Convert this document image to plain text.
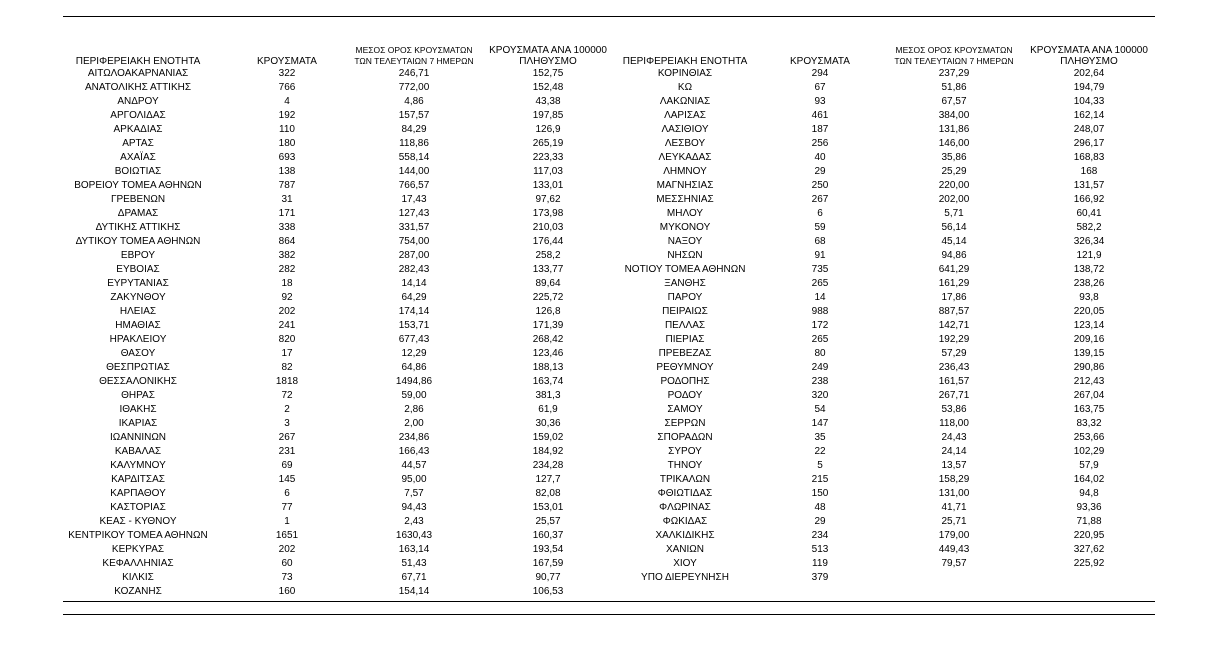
ΠΕΡΙΦΕΡΕΙΑΚΗ ΕΝΟΤΗΤΑ
ΑΙΤΩΛΟΑΚΑΡΝΑΝΙΑΣ
ΑΝΑΤΟΛΙΚΗΣ ΑΤΤΙΚΗΣ
ΑΝΔΡΟΥ
ΑΡΓΟΛΙΔΑΣ
ΑΡΚΑΔΙΑΣ
ΑΡΤΑΣ
ΑΧΑΪΑΣ
ΒΟΙΩΤΙΑΣ
ΒΟΡΕΙΟΥ ΤΟΜΕΑ ΑΘΗΝΩΝ
ΓΡΕΒΕΝΩΝ
ΔΡΑΜΑΣ
ΔΥΤΙΚΗΣ ΑΤΤΙΚΗΣ
ΔΥΤΙΚΟΥ ΤΟΜΕΑ ΑΘΗΝΩΝ
ΕΒΡΟΥ
ΕΥΒΟΙΑΣ
ΕΥΡΥΤΑΝΙΑΣ
ΖΑΚΥΝΘΟΥ
ΗΛΕΙΑΣ
ΗΜΑΘΙΑΣ
ΗΡΑΚΛΕΙΟΥ
ΘΑΣΟΥ
ΘΕΣΠΡΩΤΙΑΣ
ΘΕΣΣΑΛΟΝΙΚΗΣ
ΘΗΡΑΣ
ΙΘΑΚΗΣ
ΙΚΑΡΙΑΣ
ΙΩΑΝΝΙΝΩΝ
ΚΑΒΑΛΑΣ
ΚΑΛΥΜΝΟΥ
ΚΑΡΔΙΤΣΑΣ
ΚΑΡΠΑΘΟΥ
ΚΑΣΤΟΡΙΑΣ
ΚΕΑΣ - ΚΥΘΝΟΥ
ΚΕΝΤΡΙΚΟΥ ΤΟΜΕΑ ΑΘΗΝΩΝ
ΚΕΡΚΥΡΑΣ
ΚΕΦΑΛΛΗΝΙΑΣ
ΚΙΛΚΙΣ
ΚΟΖΑΝΗΣ
ΚΡΟΥΣΜΑΤΑ
322
766
4
192
110
180
693
138
787
31
171
338
864
382
282
18
92
202
241
820
17
82
1818
72
2
3
267
231
69
145
6
77
1
1651
202
60
73
160
ΜΕΣΟΣ ΟΡΟΣ ΚΡΟΥΣΜΑΤΩΝ
ΤΩΝ ΤΕΛΕΥΤΑΙΩΝ 7 ΗΜΕΡΩΝ
246,71
772,00
4,86
157,57
84,29
118,86
558,14
144,00
766,57
17,43
127,43
331,57
754,00
287,00
282,43
14,14
64,29
174,14
153,71
677,43
12,29
64,86
1494,86
59,00
2,86
2,00
234,86
166,43
44,57
95,00
7,57
94,43
2,43
1630,43
163,14
51,43
67,71
154,14
ΚΡΟΥΣΜΑΤΑ ΑΝΑ 100000
ΠΛΗΘΥΣΜΟ
152,75
152,48
43,38
197,85
126,9
265,19
223,33
117,03
133,01
97,62
173,98
210,03
176,44
258,2
133,77
89,64
225,72
126,8
171,39
268,42
123,46
188,13
163,74
381,3
61,9
30,36
159,02
184,92
234,28
127,7
82,08
153,01
25,57
160,37
193,54
167,59
90,77
106,53
ΠΕΡΙΦΕΡΕΙΑΚΗ ΕΝΟΤΗΤΑ
ΚΟΡΙΝΘΙΑΣ
ΚΩ
ΛΑΚΩΝΙΑΣ
ΛΑΡΙΣΑΣ
ΛΑΣΙΘΙΟΥ
ΛΕΣΒΟΥ
ΛΕΥΚΑΔΑΣ
ΛΗΜΝΟΥ
ΜΑΓΝΗΣΙΑΣ
ΜΕΣΣΗΝΙΑΣ
ΜΗΛΟΥ
ΜΥΚΟΝΟΥ
ΝΑΞΟΥ
ΝΗΣΩΝ
ΝΟΤΙΟΥ ΤΟΜΕΑ ΑΘΗΝΩΝ
ΞΑΝΘΗΣ
ΠΑΡΟΥ
ΠΕΙΡΑΙΩΣ
ΠΕΛΛΑΣ
ΠΙΕΡΙΑΣ
ΠΡΕΒΕΖΑΣ
ΡΕΘΥΜΝΟΥ
ΡΟΔΟΠΗΣ
ΡΟΔΟΥ
ΣΑΜΟΥ
ΣΕΡΡΩΝ
ΣΠΟΡΑΔΩΝ
ΣΥΡΟΥ
ΤΗΝΟΥ
ΤΡΙΚΑΛΩΝ
ΦΘΙΩΤΙΔΑΣ
ΦΛΩΡΙΝΑΣ
ΦΩΚΙΔΑΣ
ΧΑΛΚΙΔΙΚΗΣ
ΧΑΝΙΩΝ
ΧΙΟΥ
ΥΠΟ ΔΙΕΡΕΥΝΗΣΗ
ΚΡΟΥΣΜΑΤΑ
294
67
93
461
187
256
40
29
250
267
6
59
68
91
735
265
14
988
172
265
80
249
238
320
54
147
35
22
5
215
150
48
29
234
513
119
379
ΜΕΣΟΣ ΟΡΟΣ ΚΡΟΥΣΜΑΤΩΝ
ΤΩΝ ΤΕΛΕΥΤΑΙΩΝ 7 ΗΜΕΡΩΝ
237,29
51,86
67,57
384,00
131,86
146,00
35,86
25,29
220,00
202,00
5,71
56,14
45,14
94,86
641,29
161,29
17,86
887,57
142,71
192,29
57,29
236,43
161,57
267,71
53,86
118,00
24,43
24,14
13,57
158,29
131,00
41,71
25,71
179,00
449,43
79,57
ΚΡΟΥΣΜΑΤΑ ΑΝΑ 100000
ΠΛΗΘΥΣΜΟ
202,64
194,79
104,33
162,14
248,07
296,17
168,83
168
131,57
166,92
60,41
582,2
326,34
121,9
138,72
238,26
93,8
220,05
123,14
209,16
139,15
290,86
212,43
267,04
163,75
83,32
253,66
102,29
57,9
164,02
94,8
93,36
71,88
220,95
327,62
225,92
